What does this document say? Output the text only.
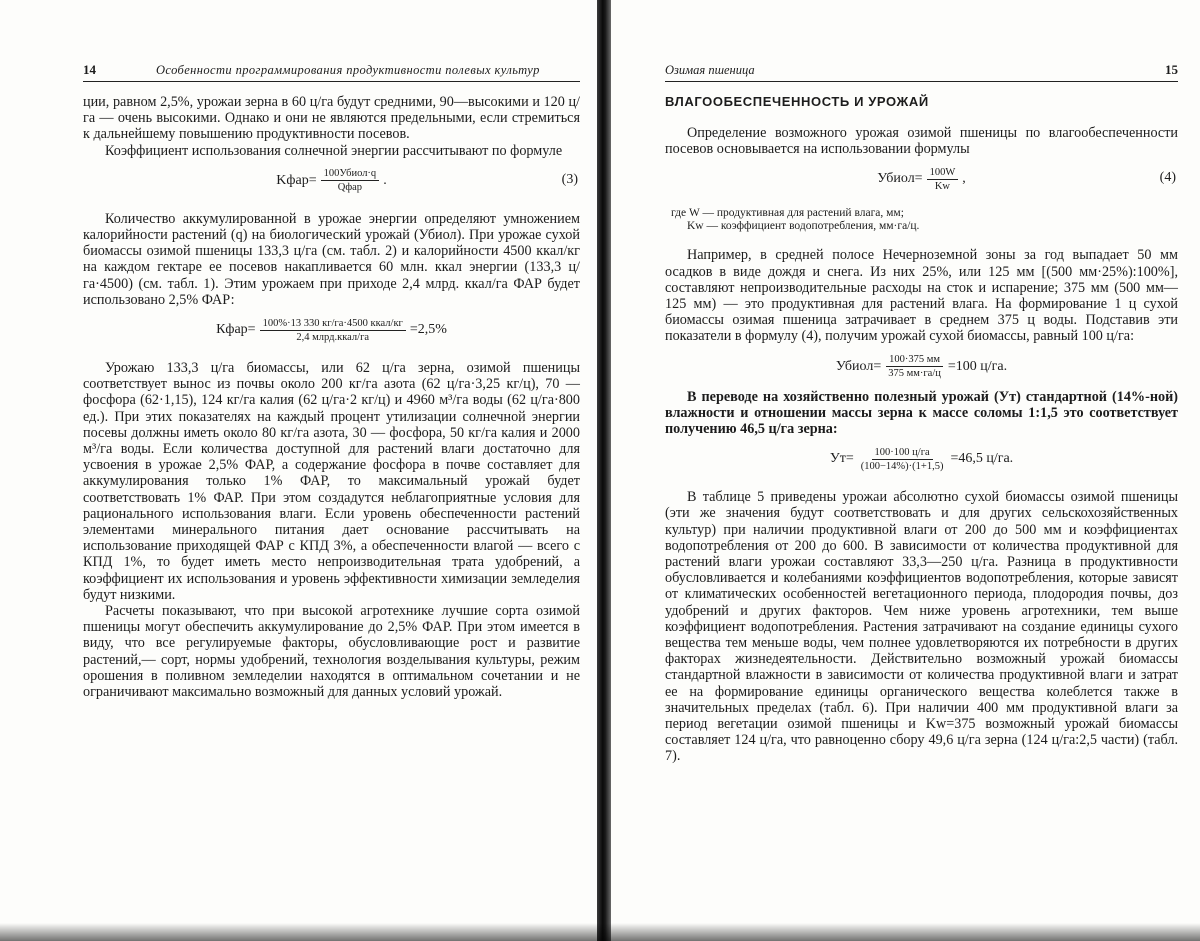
14	Особенности программирования продуктивности полевых культур

ции, равном 2,5%, урожаи зерна в 60 ц/га будут средними, 90—высокими и 120 ц/га — очень высокими. Однако и они не являются предельными, если стремиться к дальнейшему повышению продуктивности посевов.

Коэффициент использования солнечной энергии рассчитывают по формуле

Kфар= $\frac{\text{100Убиол·q}}{\text{Qфар}}$ .	(3)

Количество аккумулированной в урожае энергии определяют умножением калорийности растений (q) на биологический урожай (Убиол). При урожае сухой биомассы озимой пшеницы 133,3 ц/га (см. табл. 2) и калорийности 4500 ккал/кг на каждом гектаре ее посевов накапливается 60 млн. ккал энергии (133,3 ц/га·4500) (см. табл. 1). Этим урожаем при приходе 2,4 млрд. ккал/га ФАР будет использовано 2,5% ФАР:

Кфар= $\frac{\text{100\%·13 330 кг/га·4500 ккал/кг}}{\text{2,4 млрд.ккал/га}} =2,5\%$

Урожаю 133,3 ц/га биомассы, или 62 ц/га зерна, озимой пшеницы соответствует вынос из почвы около 200 кг/га азота (62 ц/га·3,25 кг/ц), 70 — фосфора (62·1,15), 124 кг/га калия (62 ц/га·2 кг/ц) и 4960 м³/га воды (62 ц/га·800 ед.). При этих показателях на каждый процент утилизации солнечной энергии посевы должны иметь около 80 кг/га азота, 30 — фосфора, 50 кг/га калия и 2000 м³/га воды. Если количества доступной для растений влаги достаточно для усвоения в урожае 2,5% ФАР, а содержание фосфора в почве составляет для аккумулирования только 1% ФАР, то максимальный урожай будет соответствовать 1% ФАР. При этом создадутся неблагоприятные условия для рационального использования влаги. Если уровень обеспеченности растений элементами минерального питания дает основание рассчитывать на использование приходящей ФАР с КПД 3%, а обеспеченности влагой — всего с КПД 1%, то будет иметь место непроизводительная трата удобрений, а коэффициент их использования и уровень эффективности химизации земледелия будут низкими.

Расчеты показывают, что при высокой агротехнике лучшие сорта озимой пшеницы могут обеспечить аккумулирование до 2,5% ФАР. При этом имеется в виду, что все регулируемые факторы, обусловливающие рост и развитие растений,— сорт, нормы удобрений, технология возделывания культуры, режим орошения в поливном земледелии находятся в оптимальном сочетании и не ограничивают максимально возможный для данных условий урожай.

Озимая пшеница	15
ВЛАГООБЕСПЕЧЕННОСТЬ И УРОЖАЙ

Определение возможного урожая озимой пшеницы по влагообеспеченности посевов основывается на использовании формулы

Убиол= $\frac{100W}{Kw}$ ,	(4)
где W — продуктивная для растений влага, мм;
Kw — коэффициент водопотребления, мм·га/ц.

Например, в средней полосе Нечерноземной зоны за год выпадает 50 мм осадков в виде дождя и снега. Из них 25%, или 125 мм [(500 мм·25%):100%], составляют непроизводительные расходы на сток и испарение; 375 мм (500 мм—125 мм) — это продуктивная для растений влага. На формирование 1 ц сухой биомассы озимая пшеница затрачивает в среднем 375 ц воды. Подставив эти показатели в формулу (4), получим урожай сухой биомассы, равный 100 ц/га:

Убиол= $\frac{100\cdot 375 мм}{375 мм\cdot га/ц} =100$ ц/га.

В переводе на хозяйственно полезный урожай (Ут) стандартной (14%-ной) влажности и отношении массы зерна к массе соломы 1:1,5 это соответствует получению 46,5 ц/га зерна:

$Ут= \frac{100\cdot 100 ц/га}{(100-14\%)\cdot(1+1,5)} =46,5$ ц/га.

В таблице 5 приведены урожаи абсолютно сухой биомассы озимой пшеницы (эти же значения будут соответствовать и для других сельскохозяйственных культур) при наличии продуктивной влаги от 200 до 500 мм и коэффициентах водопотребления от 200 до 600. В зависимости от количества продуктивной для растений влаги урожаи составляют 33,3—250 ц/га. Разница в продуктивности обусловливается и колебаниями коэффициентов водопотребления, которые зависят от климатических особенностей вегетационного периода, плодородия почвы, доз удобрений и других факторов. Чем ниже уровень агротехники, тем выше коэффициент водопотребления. Растения затрачивают на создание единицы сухого вещества тем меньше воды, чем полнее удовлетворяются их потребности в других факторах жизнедеятельности. Действительно возможный урожай биомассы стандартной влажности в зависимости от количества продуктивной влаги и затрат ее на формирование единицы органического вещества колеблется также в значительных пределах (табл. 6). При наличии 400 мм продуктивной влаги за период вегетации озимой пшеницы и Kw=375 возможный урожай биомассы составляет 124 ц/га, что равноценно сбору 49,6 ц/га зерна (124 ц/га:2,5 части) (табл. 7).
